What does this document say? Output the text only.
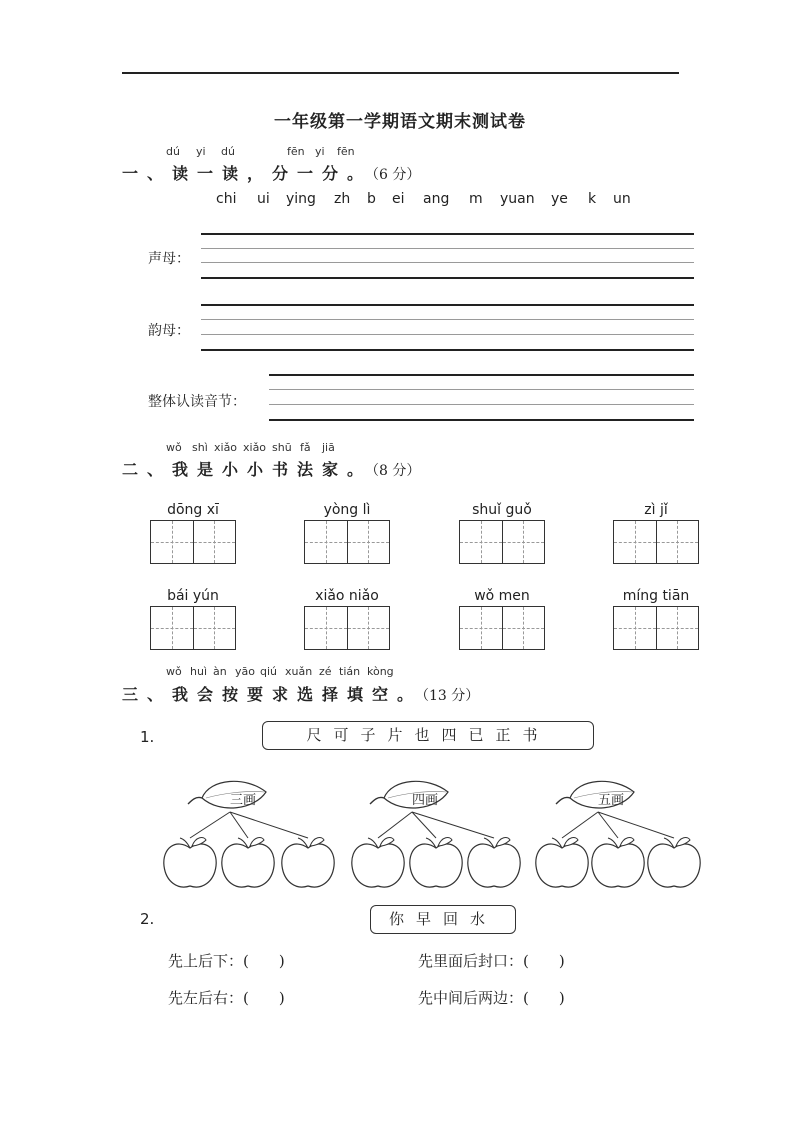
一年级第一学期语文期末测试卷
dú yi dú	fēn yi fēn
一、读一读，分一分。（6 分）
chi ui ying zh b ei ang m yuan ye k un
声母：
韵母：
整体认读音节：
wǒ shì xiǎo xiǎo shū fǎ jiā
二、我是小小书法家。（8 分）
dōng xī	yòng lì	shuǐ guǒ	zì jǐ
bái yún	xiǎo niǎo	wǒ men	míng tiān
wǒ huì àn yāo qiú xuǎn zé tián kòng
三、我会按要求选择填空。（13 分）
1.	尺可子片也四已正书
三画	四画	五画
2.	你早回水
先上后下：(　　)	先里面后封口：(　　)
先左后右：(　　)	先中间后两边：(　　)
